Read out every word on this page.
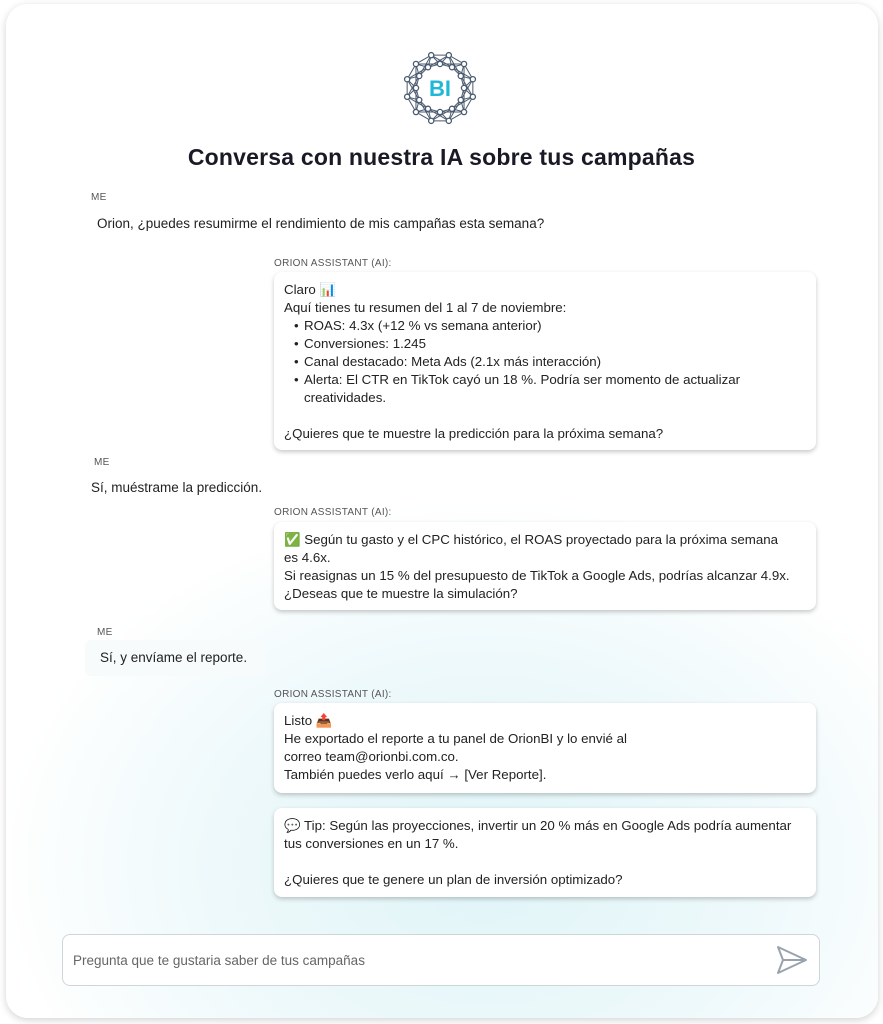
BI
Conversa con nuestra IA sobre tus campañas
ME
Orion, ¿puedes resumirme el rendimiento de mis campañas esta semana?
ORION ASSISTANT (AI):
Claro 📊
Aquí tienes tu resumen del 1 al 7 de noviembre:
• ROAS: 4.3x (+12 % vs semana anterior)
• Conversiones: 1.245
• Canal destacado: Meta Ads (2.1x más interacción)
• Alerta: El CTR en TikTok cayó un 18 %. Podría ser momento de actualizar creatividades.
¿Quieres que te muestre la predicción para la próxima semana?
ME
Sí, muéstrame la predicción.
ORION ASSISTANT (AI):
✅ Según tu gasto y el CPC histórico, el ROAS proyectado para la próxima semana es 4.6x.
Si reasignas un 15 % del presupuesto de TikTok a Google Ads, podrías alcanzar 4.9x.
¿Deseas que te muestre la simulación?
ME
Sí, y envíame el reporte.
ORION ASSISTANT (AI):
Listo 📤
He exportado el reporte a tu panel de OrionBI y lo envié al
correo team@orionbi.com.co.
También puedes verlo aquí → [Ver Reporte].
💬 Tip: Según las proyecciones, invertir un 20 % más en Google Ads podría aumentar tus conversiones en un 17 %.
¿Quieres que te genere un plan de inversión optimizado?
Pregunta que te gustaria saber de tus campañas
